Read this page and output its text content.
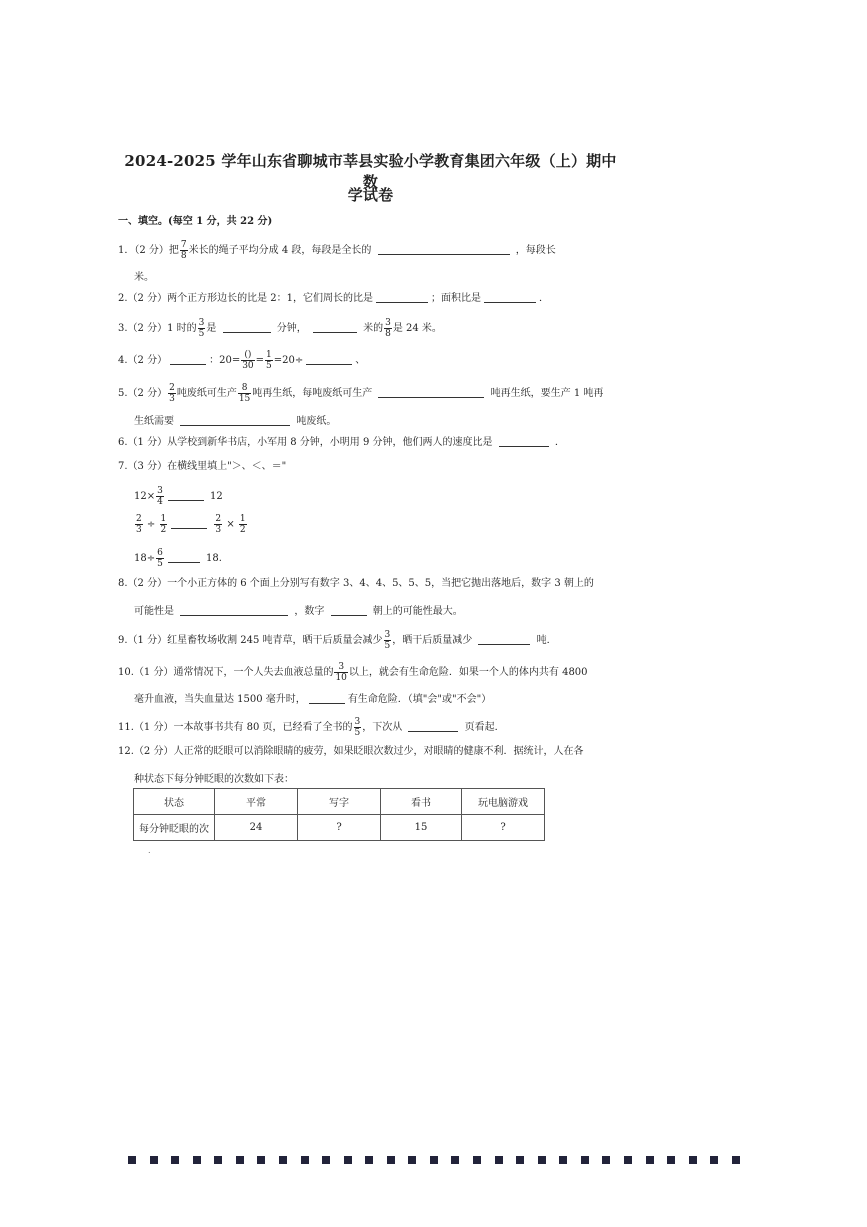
2024-2025 学年山东省聊城市莘县实验小学教育集团六年级（上）期中数
学试卷
一、填空。(每空 1 分，共 22 分)
1．（2 分）把 $\frac{7}{8}$ 米长的绳子平均分成 4 段，每段是全长的	，每段长
米。
2.（2 分）两个正方形边长的比是 2：1，它们周长的比是	；面积比是	．
3.（2 分）1 时的 $\frac{3}{5}$ 是	分钟，	米的 $\frac{3}{8}$ 是 24 米。
4.（2 分）	：$20= \frac{()}{30} = \frac{1}{5} =20\div$	、
5.（2 分） $\frac{2}{3}$ 吨废纸可生产 $\frac{8}{15}$ 吨再生纸，每吨废纸可生产	吨再生纸，要生产 1 吨再
生纸需要	吨废纸。
6.（1 分）从学校到新华书店，小军用 8 分钟，小明用 9 分钟，他们两人的速度比是	．
7.（3 分）在横线里填上"＞、＜、＝"
$12\times \frac{3}{4}$	12
$\frac{2}{3} \div \frac{1}{2}$
	$\frac{2}{3} \times \frac{1}{2}$
$18\div \frac{6}{5}$	18.
8.（2 分）一个小正方体的 6 个面上分别写有数字 3、4、4、5、5、5，当把它抛出落地后，数字 3 朝上的
可能性是	，数字	朝上的可能性最大。
9.（1 分）红星畜牧场收割 245 吨青草，晒干后质量会减少 $\frac{3}{5}$ ，晒干后质量减少	吨．
10.（1 分）通常情况下，一个人失去血液总量的 $\frac{3}{10}$ 以上，就会有生命危险．如果一个人的体内共有 4800
毫升血液，当失血量达 1500 毫升时，	有生命危险．（填"会"或"不会"）
11.（1 分）一本故事书共有 80 页，已经看了全书的 $\frac{3}{5}$ ，下次从	页看起．
12.（2 分）人正常的眨眼可以消除眼睛的疲劳，如果眨眼次数过少，对眼睛的健康不利．据统计，人在各
种状态下每分钟眨眼的次数如下表：
状态	平常	写字	看书	玩电脑游戏
每分钟眨眼的次	24	?	15	?
.
